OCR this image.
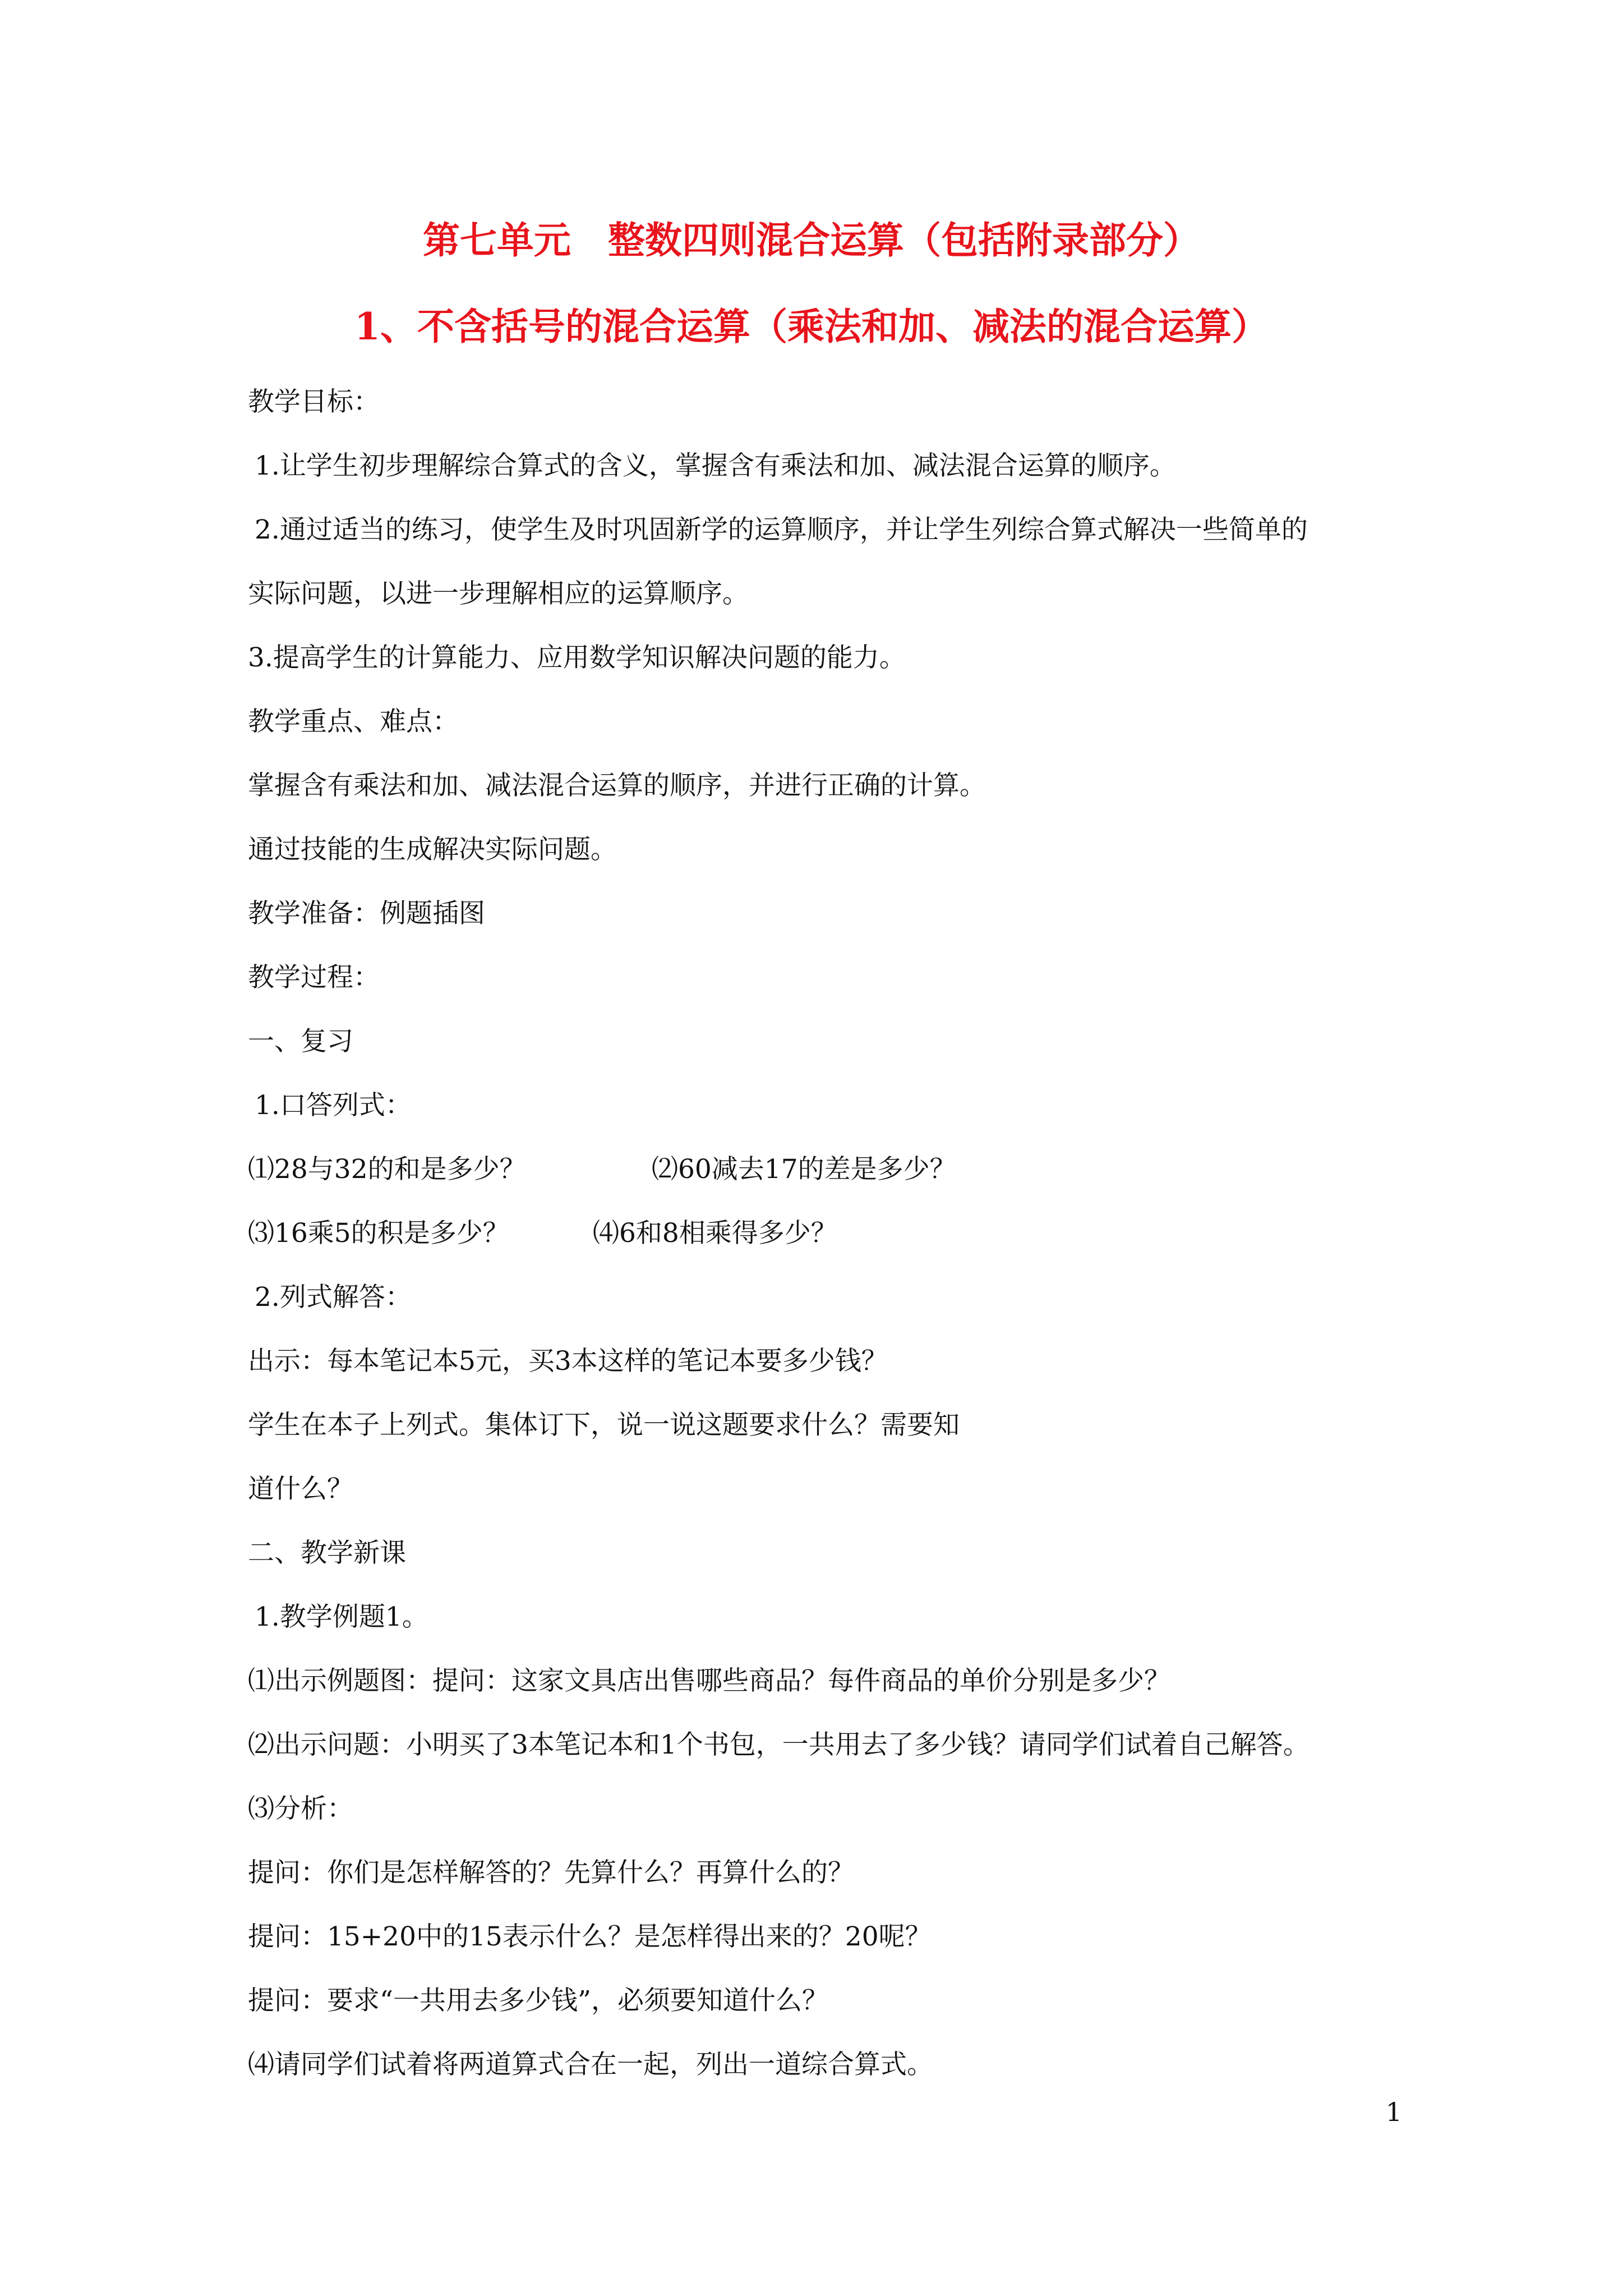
第七单元　整数四则混合运算（包括附录部分）
1、不含括号的混合运算（乘法和加、减法的混合运算）
教学目标：
1.让学生初步理解综合算式的含义，掌握含有乘法和加、减法混合运算的顺序。
2.通过适当的练习，使学生及时巩固新学的运算顺序，并让学生列综合算式解决一些简单的
实际问题，以进一步理解相应的运算顺序。
3.提高学生的计算能力、应用数学知识解决问题的能力。
教学重点、难点：
掌握含有乘法和加、减法混合运算的顺序，并进行正确的计算。
通过技能的生成解决实际问题。
教学准备：例题插图
教学过程：
一、复习
1.口答列式：
⑴28与32的和是多少？	⑵60减去17的差是多少？
⑶16乘5的积是多少？	⑷6和8相乘得多少？
2.列式解答：
出示：每本笔记本5元，买3本这样的笔记本要多少钱？
学生在本子上列式。集体订下，说一说这题要求什么？需要知
道什么？
二、教学新课
1.教学例题1。
⑴出示例题图：提问：这家文具店出售哪些商品？每件商品的单价分别是多少？
⑵出示问题：小明买了3本笔记本和1个书包，一共用去了多少钱？请同学们试着自己解答。
⑶分析：
提问：你们是怎样解答的？先算什么？再算什么的？
提问：15+20中的15表示什么？是怎样得出来的？20呢？
提问：要求“一共用去多少钱”，必须要知道什么？
⑷请同学们试着将两道算式合在一起，列出一道综合算式。
1
